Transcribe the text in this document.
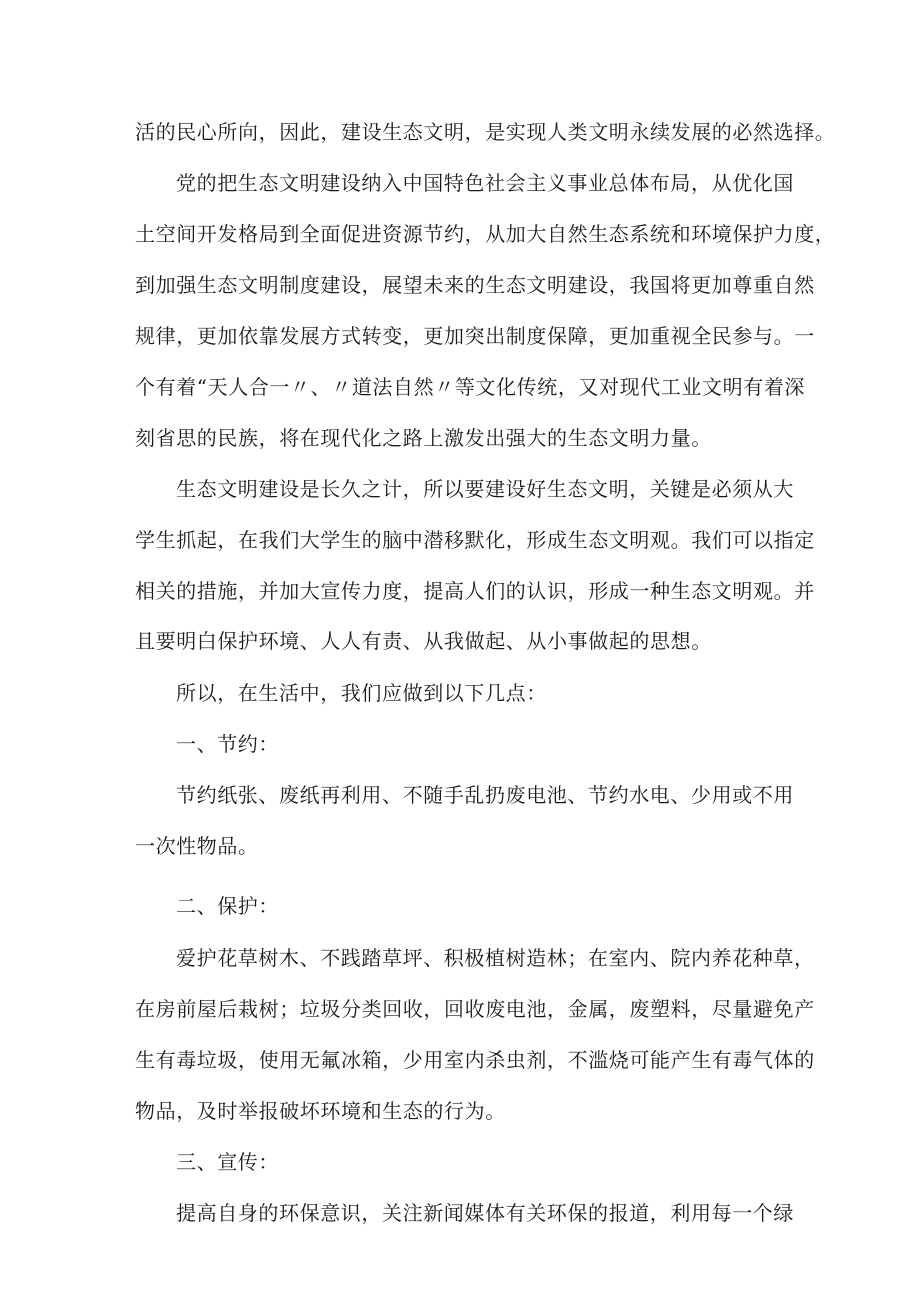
活的民心所向，因此，建设生态文明，是实现人类文明永续发展的必然选择。

党的把生态文明建设纳入中国特色社会主义事业总体布局，从优化国

土空间开发格局到全面促进资源节约，从加大自然生态系统和环境保护力度，

到加强生态文明制度建设，展望未来的生态文明建设，我国将更加尊重自然

规律，更加依靠发展方式转变，更加突出制度保障，更加重视全民参与。一

个有着“天人合一〃、〃道法自然〃等文化传统，又对现代工业文明有着深

刻省思的民族，将在现代化之路上激发出强大的生态文明力量。

生态文明建设是长久之计，所以要建设好生态文明，关键是必须从大

学生抓起，在我们大学生的脑中潜移默化，形成生态文明观。我们可以指定

相关的措施，并加大宣传力度，提高人们的认识，形成一种生态文明观。并

且要明白保护环境、人人有责、从我做起、从小事做起的思想。

所以，在生活中，我们应做到以下几点：

一、节约：

节约纸张、废纸再利用、不随手乱扔废电池、节约水电、少用或不用

一次性物品。

二、保护：

爱护花草树木、不践踏草坪、积极植树造林；在室内、院内养花种草，

在房前屋后栽树；垃圾分类回收，回收废电池，金属，废塑料，尽量避免产

生有毒垃圾，使用无氟冰箱，少用室内杀虫剂，不滥烧可能产生有毒气体的

物品，及时举报破坏环境和生态的行为。

三、宣传：

提高自身的环保意识，关注新闻媒体有关环保的报道，利用每一个绿
